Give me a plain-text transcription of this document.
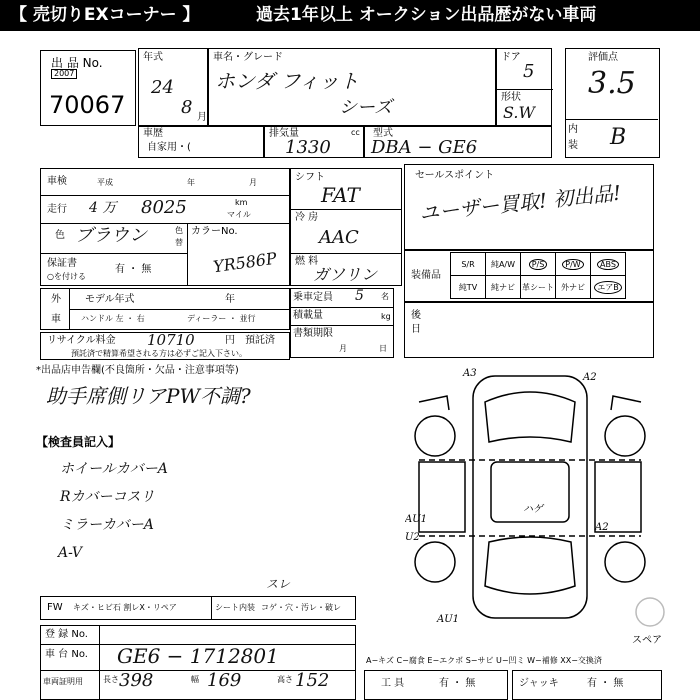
【 売切りEXコーナー 】	過去1年以上 オークション出品歴がない車両
出 品 No.
2007
70067
年式
24
8 月
車名・グレード
ホンダ フィット
シーズ
ドア
5
形状
S.W
評価点
3.5
内
装 B
車歴
自家用・(
排気量	cc
1330
型式
DBA − GE6
車検	平成	年	月
走行 4 万 8025	km
マイル
色 ブラウン	色
替
カラーNo.
YR586P
保証書
○を付ける
有 ・ 無
シフト
FAT
冷 房
AAC
燃 料
ガソリン
セールスポイント
ユーザー買取! 初出品!
装備品
S/R	純A/W	P/S	P/W	ABS
純TV	純ナビ	革シート	外ナビ	エアB
外
車
モデル年式	年
ハンドル 左 ・ 右	ディーラー ・ 並行
乗車定員 5 名
積載量	kg
書類期限
月	日
後
日
リサイクル料金 10710	円 預託済
預託済で精算希望される方は必ずご記入下さい。
*出品店申告欄(不良箇所・欠品・注意事項等)
助手席側リアPW不調?
【検査員記入】
ホイールカバーA
Rカバーコスリ
ミラーカバーA
A-V
A3	A2
A2
ハゲ
AU1
U2
AU1
スペア
A−キズ C−腐食 E−エクボ S−サビ U−凹ミ W−補修 XX−交換済
FW キズ・ヒビ石 割レX・リペア	シート内装 コゲ・穴・汚レ・破レ
スレ
登 録 No.
車 台 No. GE6 − 1712801
車両証明用	長さ 398	幅 169	高さ 152	工 具	有 ・ 無	ジャッキ	有 ・ 無
